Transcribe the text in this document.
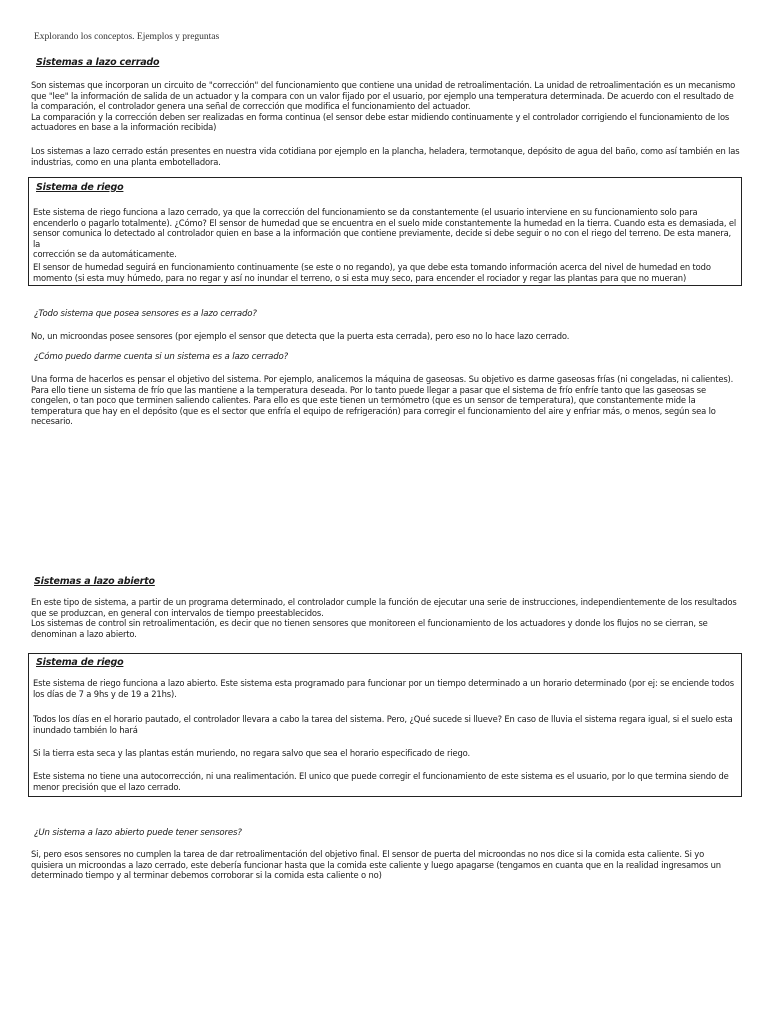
Explorando los conceptos. Ejemplos y preguntas
Sistemas a lazo cerrado

Son sistemas que incorporan un circuito de "corrección" del funcionamiento que contiene una unidad de retroalimentación. La unidad de retroalimentación es un mecanismo
que "lee" la información de salida de un actuador y la compara con un valor fijado por el usuario, por ejemplo una temperatura determinada. De acuerdo con el resultado de
la comparación, el controlador genera una señal de corrección que modifica el funcionamiento del actuador.
La comparación y la corrección deben ser realizadas en forma continua (el sensor debe estar midiendo continuamente y el controlador corrigiendo el funcionamiento de los
actuadores en base a la información recibida)

Los sistemas a lazo cerrado están presentes en nuestra vida cotidiana por ejemplo en la plancha, heladera, termotanque, depósito de agua del baño, como así también en las
industrias, como en una planta embotelladora.

Sistema de riego

Este sistema de riego funciona a lazo cerrado, ya que la corrección del funcionamiento se da constantemente (el usuario interviene en su funcionamiento solo para
encenderlo o pagarlo totalmente). ¿Cómo? El sensor de humedad que se encuentra en el suelo mide constantemente la humedad en la tierra. Cuando esta es demasiada, el
sensor comunica lo detectado al controlador quien en base a la información que contiene previamente, decide si debe seguir o no con el riego del terreno. De esta manera, la
corrección se da automáticamente.

El sensor de humedad seguirá en funcionamiento continuamente (se este o no regando), ya que debe esta tomando información acerca del nivel de humedad en todo
momento (si esta muy húmedo, para no regar y así no inundar el terreno, o si esta muy seco, para encender el rociador y regar las plantas para que no mueran)

¿Todo sistema que posea sensores es a lazo cerrado?

No, un microondas posee sensores (por ejemplo el sensor que detecta que la puerta esta cerrada), pero eso no lo hace lazo cerrado.

¿Cómo puedo darme cuenta si un sistema es a lazo cerrado?

Una forma de hacerlos es pensar el objetivo del sistema. Por ejemplo, analicemos la máquina de gaseosas. Su objetivo es darme gaseosas frías (ni congeladas, ni calientes).
Para ello tiene un sistema de frío que las mantiene a la temperatura deseada. Por lo tanto puede llegar a pasar que el sistema de frío enfríe tanto que las gaseosas se
congelen, o tan poco que terminen saliendo calientes. Para ello es que este tienen un termómetro (que es un sensor de temperatura), que constantemente mide la
temperatura que hay en el depósito (que es el sector que enfría el equipo de refrigeración) para corregir el funcionamiento del aire y enfriar más, o menos, según sea lo
necesario.

Sistemas a lazo abierto

En este tipo de sistema, a partir de un programa determinado, el controlador cumple la función de ejecutar una serie de instrucciones, independientemente de los resultados
que se produzcan, en general con intervalos de tiempo preestablecidos.
Los sistemas de control sin retroalimentación, es decir que no tienen sensores que monitoreen el funcionamiento de los actuadores y donde los flujos no se cierran, se
denominan a lazo abierto.

Sistema de riego

Este sistema de riego funciona a lazo abierto. Este sistema esta programado para funcionar por un tiempo determinado a un horario determinado (por ej: se enciende todos
los días de 7 a 9hs y de 19 a 21hs).

Todos los días en el horario pautado, el controlador llevara a cabo la tarea del sistema. Pero, ¿Qué sucede si llueve? En caso de lluvia el sistema regara igual, si el suelo esta
inundado también lo hará

Si la tierra esta seca y las plantas están muriendo, no regara salvo que sea el horario especificado de riego.

Este sistema no tiene una autocorrección, ni una realimentación. El unico que puede corregir el funcionamiento de este sistema es el usuario, por lo que termina siendo de
menor precisión que el lazo cerrado.

¿Un sistema a lazo abierto puede tener sensores?

Si, pero esos sensores no cumplen la tarea de dar retroalimentación del objetivo final. El sensor de puerta del microondas no nos dice si la comida esta caliente. Si yo
quisiera un microondas a lazo cerrado, este debería funcionar hasta que la comida este caliente y luego apagarse (tengamos en cuanta que en la realidad ingresamos un
determinado tiempo y al terminar debemos corroborar si la comida esta caliente o no)
